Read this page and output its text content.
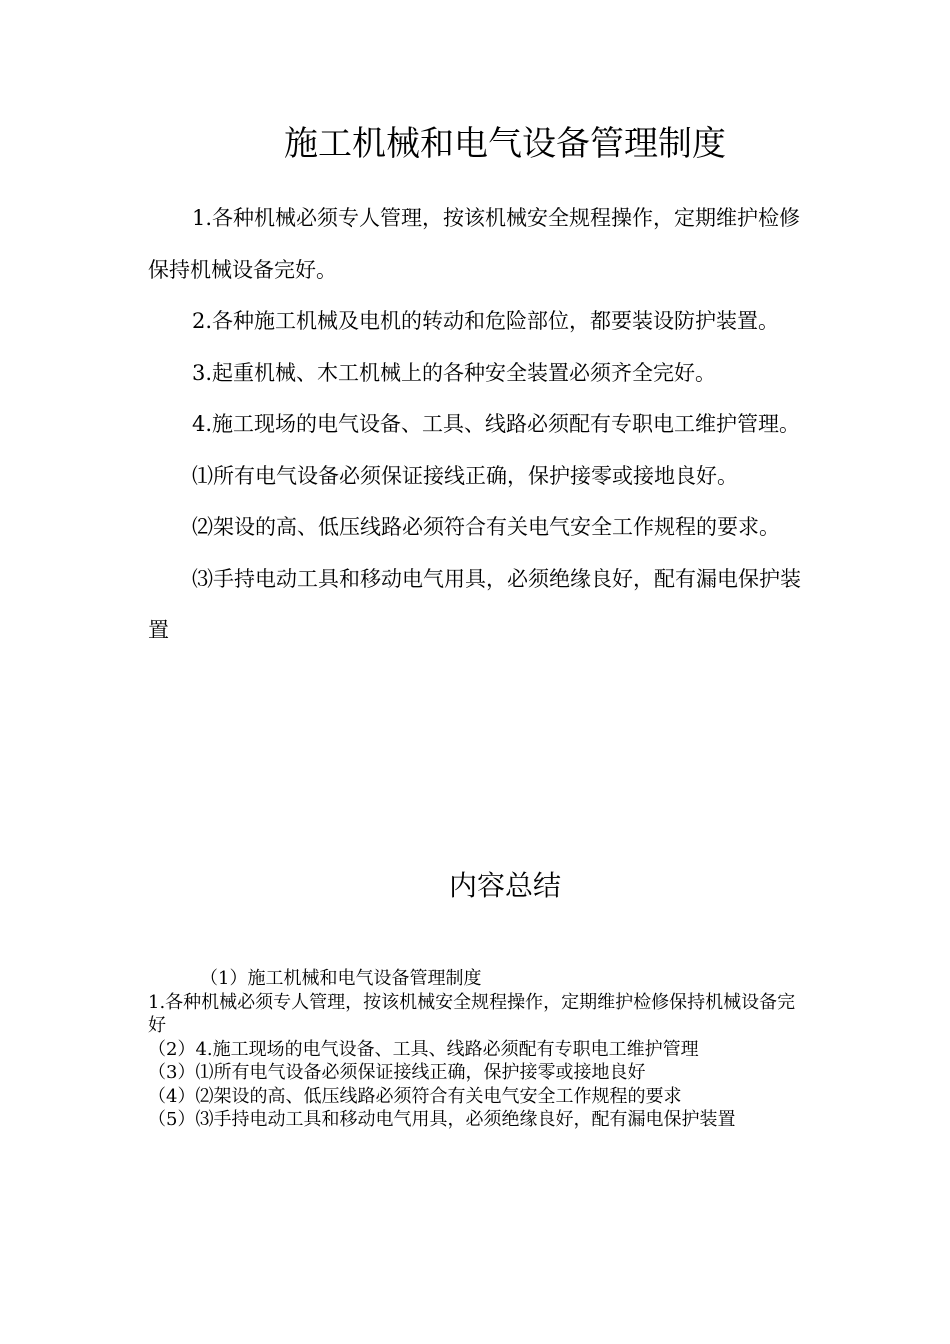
施工机械和电气设备管理制度

1.各种机械必须专人管理，按该机械安全规程操作，定期维护检修保持机械设备完好。

2.各种施工机械及电机的转动和危险部位，都要装设防护装置。

3.起重机械、木工机械上的各种安全装置必须齐全完好。

4.施工现场的电气设备、工具、线路必须配有专职电工维护管理。

⑴所有电气设备必须保证接线正确，保护接零或接地良好。

⑵架设的高、低压线路必须符合有关电气安全工作规程的要求。

⑶手持电动工具和移动电气用具，必须绝缘良好，配有漏电保护装置

内容总结
（1）施工机械和电气设备管理制度
1.各种机械必须专人管理，按该机械安全规程操作，定期维护检修保持机械设备完好
（2）4.施工现场的电气设备、工具、线路必须配有专职电工维护管理
（3）⑴所有电气设备必须保证接线正确，保护接零或接地良好
（4）⑵架设的高、低压线路必须符合有关电气安全工作规程的要求
（5）⑶手持电动工具和移动电气用具，必须绝缘良好，配有漏电保护装置
